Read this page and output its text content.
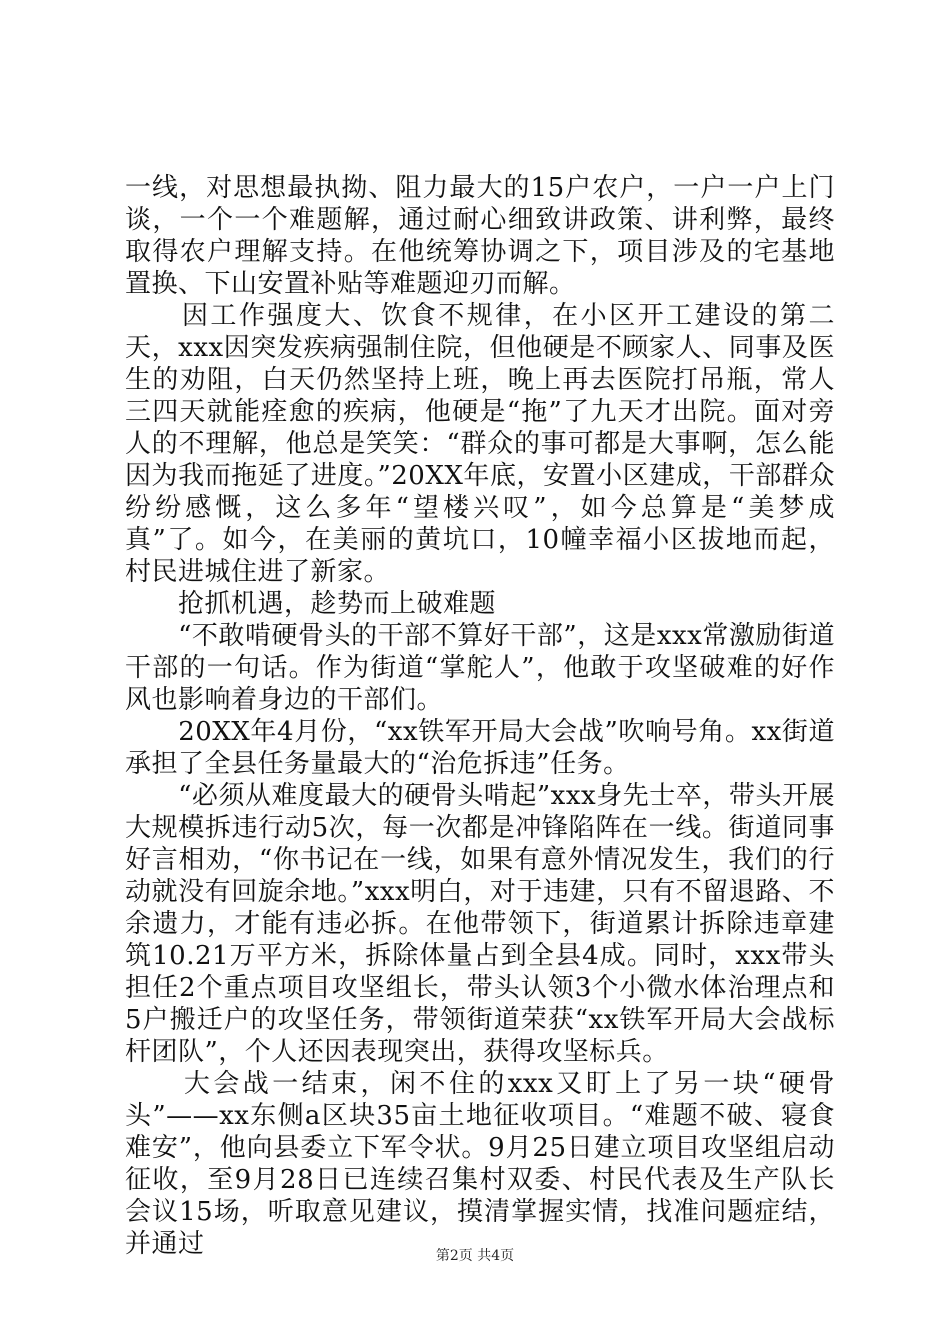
一线，对思想最执拗、阻力最大的15户农户，一户一户上门谈，一个一个难题解，通过耐心细致讲政策、讲利弊，最终取得农户理解支持。在他统筹协调之下，项目涉及的宅基地置换、下山安置补贴等难题迎刃而解。

　　因工作强度大、饮食不规律，在小区开工建设的第二天，xxx因突发疾病强制住院，但他硬是不顾家人、同事及医生的劝阻，白天仍然坚持上班，晚上再去医院打吊瓶，常人三四天就能痊愈的疾病，他硬是“拖”了九天才出院。面对旁人的不理解，他总是笑笑：“群众的事可都是大事啊，怎么能因为我而拖延了进度。”20XX年底，安置小区建成，干部群众纷纷感慨，这么多年“望楼兴叹”，如今总算是“美梦成真”了。如今，在美丽的黄坑口，10幢幸福小区拔地而起，村民进城住进了新家。

　　抢抓机遇，趁势而上破难题

　　“不敢啃硬骨头的干部不算好干部”，这是xxx常激励街道干部的一句话。作为街道“掌舵人”，他敢于攻坚破难的好作风也影响着身边的干部们。

　　20XX年4月份，“xx铁军开局大会战”吹响号角。xx街道承担了全县任务量最大的“治危拆违”任务。

　　“必须从难度最大的硬骨头啃起”xxx身先士卒，带头开展大规模拆违行动5次，每一次都是冲锋陷阵在一线。街道同事好言相劝，“你书记在一线，如果有意外情况发生，我们的行动就没有回旋余地。”xxx明白，对于违建，只有不留退路、不余遗力，才能有违必拆。在他带领下，街道累计拆除违章建筑10.21万平方米，拆除体量占到全县4成。同时，xxx带头担任2个重点项目攻坚组长，带头认领3个小微水体治理点和5户搬迁户的攻坚任务，带领街道荣获“xx铁军开局大会战标杆团队”，个人还因表现突出，获得攻坚标兵。

　　大会战一结束，闲不住的xxx又盯上了另一块“硬骨头”——xx东侧a区块35亩土地征收项目。“难题不破、寝食难安”，他向县委立下军令状。9月25日建立项目攻坚组启动征收，至9月28日已连续召集村双委、村民代表及生产队长会议15场，听取意见建议，摸清掌握实情，找准问题症结，并通过	第2页 共4页
